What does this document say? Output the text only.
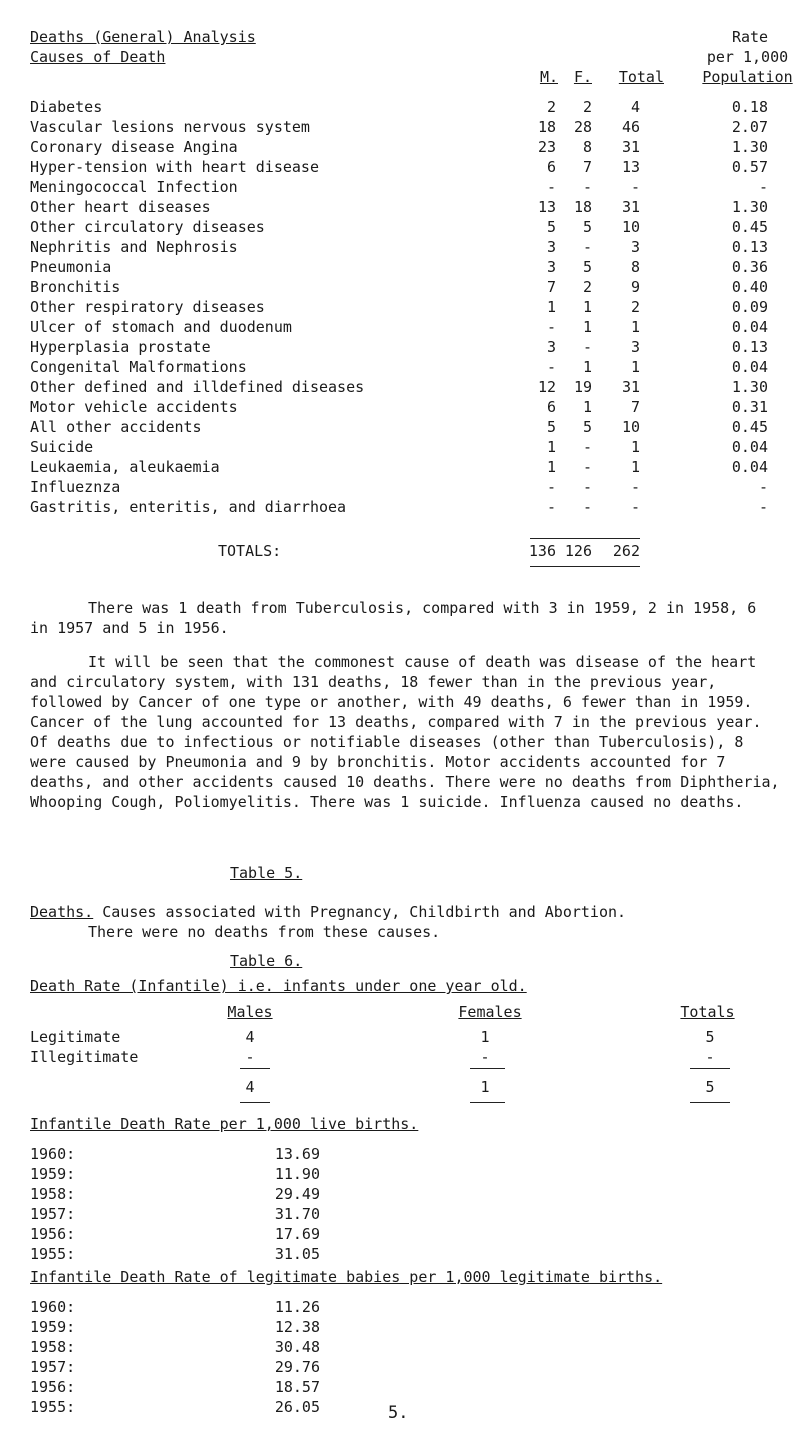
Deaths (General) Analysis
Causes of Death
Rate
per 1,000
Population
M.	F. Total
Diabetes	2	2	4	0.18
Vascular lesions nervous system	18	28	46	2.07
Coronary disease Angina	23	8	31	1.30
Hyper-tension with heart disease	6	7	13	0.57
Meningococcal Infection	-	-	-	-
Other heart diseases	13	18	31	1.30
Other circulatory diseases	5	5	10	0.45
Nephritis and Nephrosis	3	-	3	0.13
Pneumonia	3	5	8	0.36
Bronchitis	7	2	9	0.40
Other respiratory diseases	1	1	2	0.09
Ulcer of stomach and duodenum	-	1	1	0.04
Hyperplasia prostate	3	-	3	0.13
Congenital Malformations	-	1	1	0.04
Other defined and illdefined diseases	12	19	31	1.30
Motor vehicle accidents	6	1	7	0.31
All other accidents	5	5	10	0.45
Suicide	1	-	1	0.04
Leukaemia, aleukaemia	1	-	1	0.04
Influeznza	-	-	-	-
Gastritis, enteritis, and diarrhoea	-	-	-	-
TOTALS:	136 126	262
There was 1 death from Tuberculosis, compared with 3 in 1959, 2 in 1958, 6 in 1957 and 5 in 1956.
It will be seen that the commonest cause of death was disease of the heart and circulatory system, with 131 deaths, 18 fewer than in the previous year, followed by Cancer of one type or another, with 49 deaths, 6 fewer than in 1959. Cancer of the lung accounted for 13 deaths, compared with 7 in the previous year. Of deaths due to infectious or notifiable diseases (other than Tuberculosis), 8 were caused by Pneumonia and 9 by bronchitis. Motor accidents accounted for 7 deaths, and other accidents caused 10 deaths. There were no deaths from Diphtheria, Whooping Cough, Poliomyelitis. There was 1 suicide. Influenza caused no deaths.
Table 5.
Deaths. Causes associated with Pregnancy, Childbirth and Abortion.
There were no deaths from these causes.
Table 6.
Death Rate (Infantile) i.e. infants under one year old.
Males	Females	Totals
Legitimate	4	1	5
Illegitimate	-	-	-
4	1	5
Infantile Death Rate per 1,000 live births.
1960:	13.69
1959:	11.90
1958:	29.49
1957:	31.70
1956:	17.69
1955:	31.05
Infantile Death Rate of legitimate babies per 1,000 legitimate births.
1960:	11.26
1959:	12.38
1958:	30.48
1957:	29.76
1956:	18.57
1955:	26.05	5.
